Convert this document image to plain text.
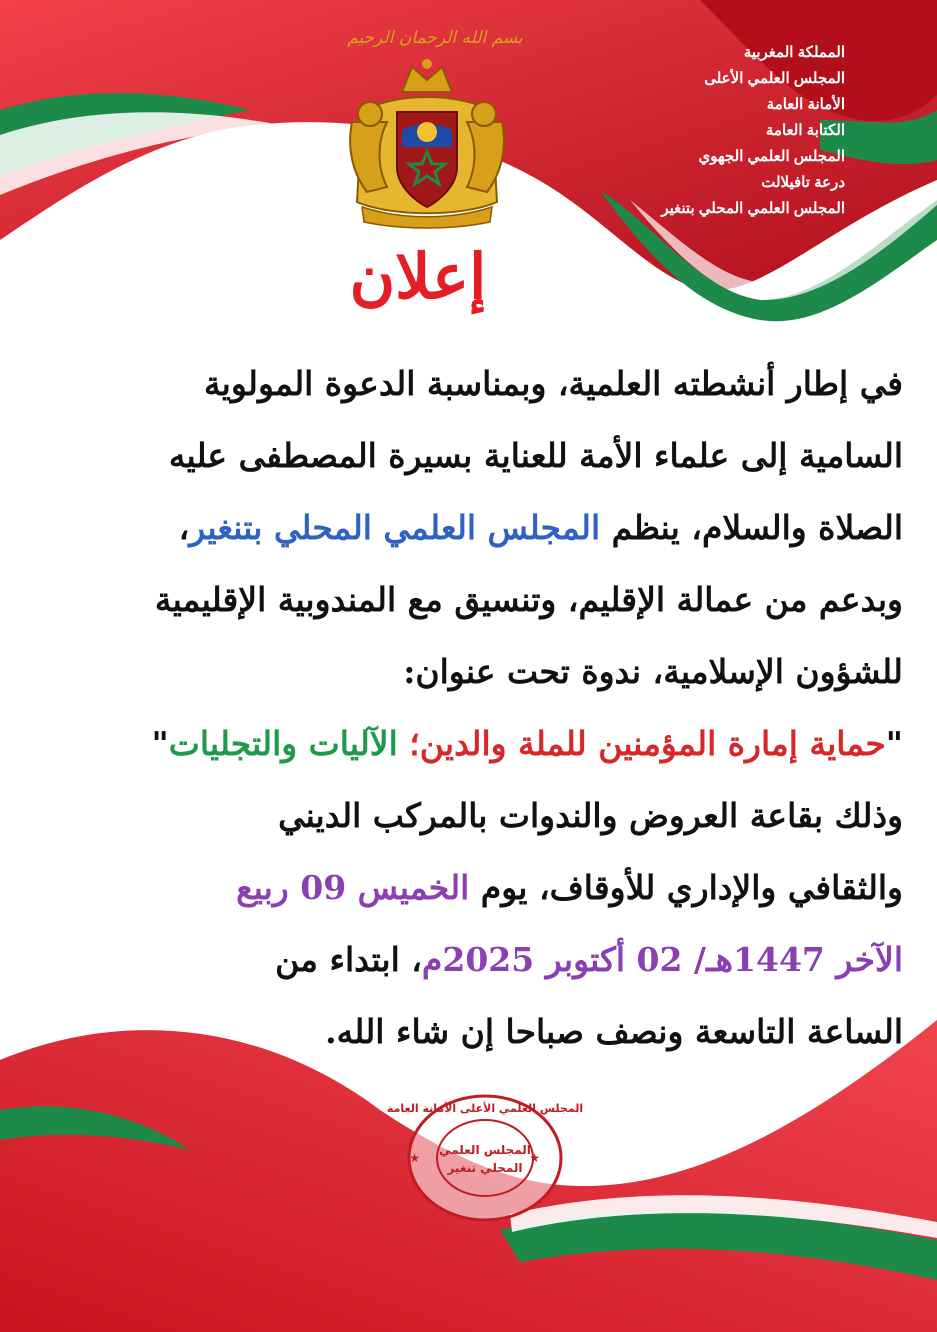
بسم الله الرحمان الرحيم
المملكة المغربية
المجلس العلمي الأعلى
الأمانة العامة
الكتابة العامة
المجلس العلمي الجهوي
درعة تافيلالت
المجلس العلمي المحلي بتنغير
إعلان
في إطار أنشطته العلمية، وبمناسبة الدعوة المولوية
السامية إلى علماء الأمة للعناية بسيرة المصطفى عليه
الصلاة والسلام، ينظم المجلس العلمي المحلي بتنغير،
وبدعم من عمالة الإقليم، وتنسيق مع المندوبية الإقليمية
للشؤون الإسلامية، ندوة تحت عنوان:
"حماية إمارة المؤمنين للملة والدين؛ الآليات والتجليات"
وذلك بقاعة العروض والندوات بالمركب الديني
والثقافي والإداري للأوقاف، يوم الخميس 09 ربيع
الآخر 1447هـ/ 02 أكتوبر 2025م، ابتداء من
الساعة التاسعة ونصف صباحا إن شاء الله.
المجلس العلمي
المحلي تنغير
المجلس العلمي الأعلى الأمانة العامة
★	★
